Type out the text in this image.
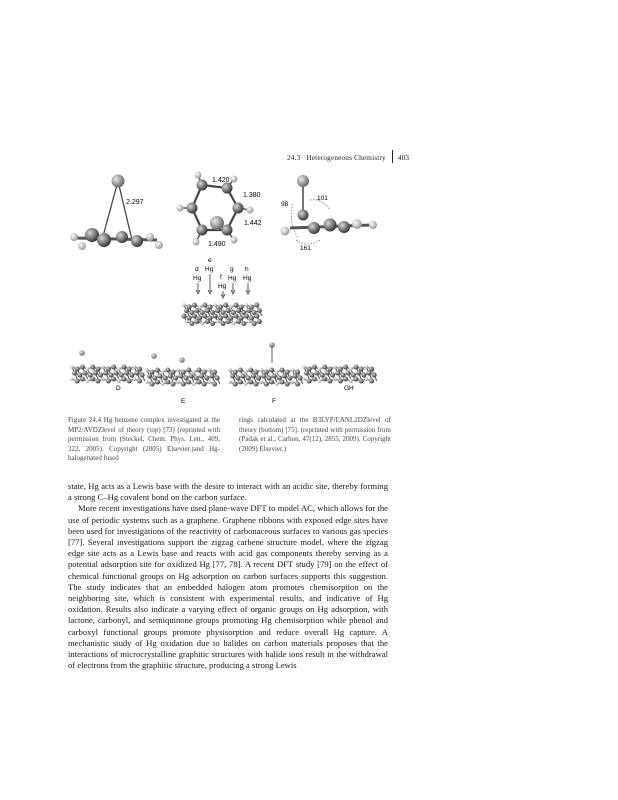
24.3 Heterogeneous Chemistry 403
2.297
1.420
1.380
1.442
1.490
98
101
161
e
d	g h
f
Hg
Hg	Hg Hg
Hg
D
E	F
GH
Figure 24.4 Hg benzene complex investigated at the MP2/AVDZlevel of theory (top) [73] (reprinted with permission from (Steckel, Chem. Phys. Lett., 409, 322, 2005). Copyright (2005) Elsevier.)and Hg-halogenated fused
rings calculated at the B3LYP/LANL2DZlevel of theory (bottom) [75]. (reprinted with permission from (Padak et al., Carbon, 47(12), 2855, 2009). Copyright (2009) Elsevier.)

state, Hg acts as a Lewis base with the desire to interact with an acidic site, thereby forming a strong C–Hg covalent bond on the carbon surface.

More recent investigations have used plane-wave DFT to model AC, which allows for the use of periodic systems such as a graphene. Graphene ribbons with exposed edge sites have been used for investigations of the reactivity of carbonaceous surfaces to various gas species [77]. Several investigations support the zigzag carbene structure model, where the zigzag edge site acts as a Lewis base and reacts with acid gas components thereby serving as a potential adsorption site for oxidized Hg [77, 78]. A recent DFT study [79] on the effect of chemical functional groups on Hg adsorption on carbon surfaces supports this suggestion. The study indicates that an embedded halogen atom promotes chemisorption on the neighboring site, which is consistent with experimental results, and indicative of Hg oxidation. Results also indicate a varying effect of organic groups on Hg adsorption, with lactone, carbonyl, and semiquinone groups promoting Hg chemisorption while phenol and carboxyl functional groups promote physisorption and reduce overall Hg capture. A mechanistic study of Hg oxidation due to halides on carbon materials proposes that the interactions of microcrystalline graphitic structures with halide ions result in the withdrawal of electrons from the graphitic structure, producing a strong Lewis
